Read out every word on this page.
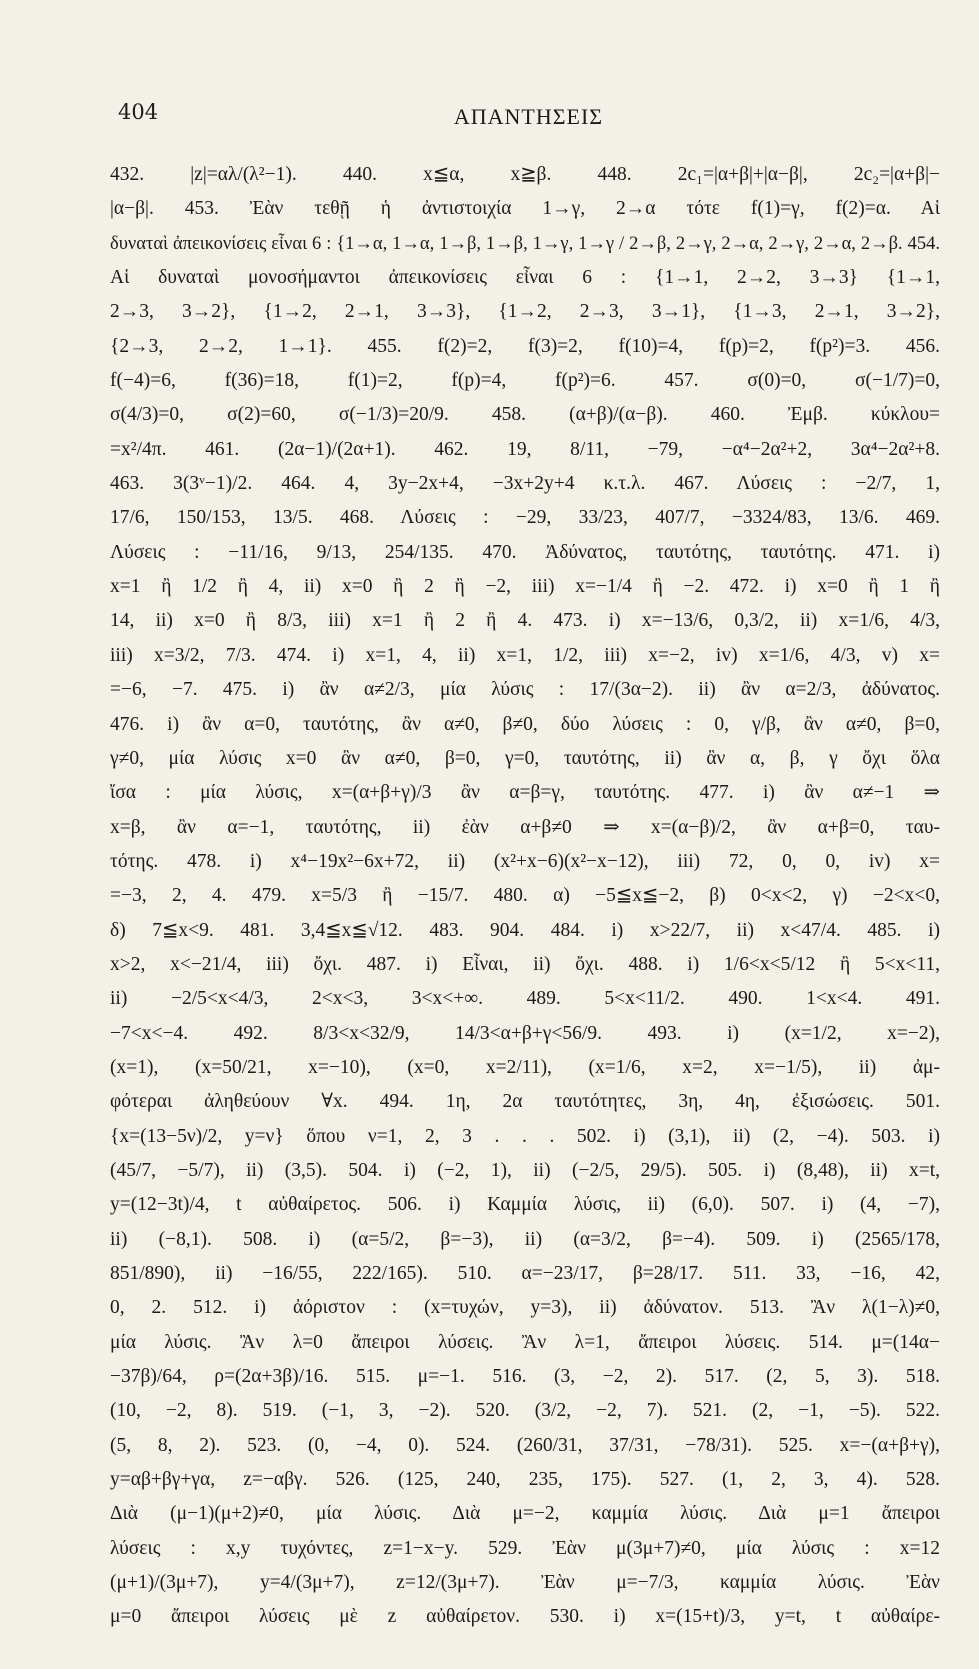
404	ΑΠΑΝΤΗΣΕΙΣ
432. |z|=αλ/(λ²−1). 440. x≦α, x≧β. 448. 2c₁=|α+β|+|α−β|, 2c₂=|α+β|−
|α−β|. 453. Ἐὰν τεθῇ ἡ ἀντιστοιχία 1→γ, 2→α τότε f(1)=γ, f(2)=α. Αἱ
δυναταὶ ἀπεικονίσεις εἶναι 6 : {1→α, 1→α, 1→β, 1→β, 1→γ, 1→γ / 2→β, 2→γ, 2→α, 2→γ, 2→α, 2→β. 454.
Αἱ δυναταὶ μονοσήμαντοι ἀπεικονίσεις εἶναι 6 : {1→1, 2→2, 3→3} {1→1,
2→3, 3→2}, {1→2, 2→1, 3→3}, {1→2, 2→3, 3→1}, {1→3, 2→1, 3→2},
{2→3, 2→2, 1→1}. 455. f(2)=2, f(3)=2, f(10)=4, f(p)=2, f(p²)=3. 456.
f(−4)=6, f(36)=18, f(1)=2, f(p)=4, f(p²)=6. 457. σ(0)=0, σ(−1/7)=0,
σ(4/3)=0, σ(2)=60, σ(−1/3)=20/9. 458. (α+β)/(α−β). 460. Ἐμβ. κύκλου=
=x²/4π. 461. (2α−1)/(2α+1). 462. 19, 8/11, −79, −α⁴−2α²+2, 3α⁴−2α²+8.
463. 3(3ᵛ−1)/2. 464. 4, 3y−2x+4, −3x+2y+4 κ.τ.λ. 467. Λύσεις : −2/7, 1,
17/6, 150/153, 13/5. 468. Λύσεις : −29, 33/23, 407/7, −3324/83, 13/6. 469.
Λύσεις : −11/16, 9/13, 254/135. 470. Ἀδύνατος, ταυτότης, ταυτότης. 471. i)
x=1 ἢ 1/2 ἢ 4, ii) x=0 ἢ 2 ἢ −2, iii) x=−1/4 ἢ −2. 472. i) x=0 ἢ 1 ἢ
14, ii) x=0 ἢ 8/3, iii) x=1 ἢ 2 ἢ 4. 473. i) x=−13/6, 0,3/2, ii) x=1/6, 4/3,
iii) x=3/2, 7/3. 474. i) x=1, 4, ii) x=1, 1/2, iii) x=−2, iv) x=1/6, 4/3, v) x=
=−6, −7. 475. i) ἂν α≠2/3, μία λύσις : 17/(3α−2). ii) ἂν α=2/3, ἀδύνατος.
476. i) ἂν α=0, ταυτότης, ἂν α≠0, β≠0, δύο λύσεις : 0, γ/β, ἂν α≠0, β=0,
γ≠0, μία λύσις x=0 ἂν α≠0, β=0, γ=0, ταυτότης, ii) ἂν α, β, γ ὄχι ὅλα
ἴσα : μία λύσις, x=(α+β+γ)/3 ἂν α=β=γ, ταυτότης. 477. i) ἂν α≠−1 ⇒
x=β, ἂν α=−1, ταυτότης, ii) ἐὰν α+β≠0 ⇒ x=(α−β)/2, ἂν α+β=0, ταυ-
τότης. 478. i) x⁴−19x²−6x+72, ii) (x²+x−6)(x²−x−12), iii) 72, 0, 0, iv) x=
=−3, 2, 4. 479. x=5/3 ἢ −15/7. 480. α) −5≦x≦−2, β) 0<x<2, γ) −2<x<0,
δ) 7≦x<9. 481. 3,4≦x≦√12. 483. 904. 484. i) x>22/7, ii) x<47/4. 485. i)
x>2, x<−21/4, iii) ὄχι. 487. i) Εἶναι, ii) ὄχι. 488. i) 1/6<x<5/12 ἢ 5<x<11,
ii) −2/5<x<4/3, 2<x<3, 3<x<+∞. 489. 5<x<11/2. 490. 1<x<4. 491.
−7<x<−4. 492. 8/3<x<32/9, 14/3<α+β+γ<56/9. 493. i) (x=1/2, x=−2),
(x=1), (x=50/21, x=−10), (x=0, x=2/11), (x=1/6, x=2, x=−1/5), ii) ἀμ-
φότεραι ἀληθεύουν ∀x. 494. 1η, 2α ταυτότητες, 3η, 4η, ἐξισώσεις. 501.
{x=(13−5ν)/2, y=ν} ὅπου ν=1, 2, 3 . . . 502. i) (3,1), ii) (2, −4). 503. i)
(45/7, −5/7), ii) (3,5). 504. i) (−2, 1), ii) (−2/5, 29/5). 505. i) (8,48), ii) x=t,
y=(12−3t)/4, t αὐθαίρετος. 506. i) Καμμία λύσις, ii) (6,0). 507. i) (4, −7),
ii) (−8,1). 508. i) (α=5/2, β=−3), ii) (α=3/2, β=−4). 509. i) (2565/178,
851/890), ii) −16/55, 222/165). 510. α=−23/17, β=28/17. 511. 33, −16, 42,
0, 2. 512. i) ἀόριστον : (x=τυχών, y=3), ii) ἀδύνατον. 513. Ἂν λ(1−λ)≠0,
μία λύσις. Ἂν λ=0 ἄπειροι λύσεις. Ἂν λ=1, ἄπειροι λύσεις. 514. μ=(14α−
−37β)/64, ρ=(2α+3β)/16. 515. μ=−1. 516. (3, −2, 2). 517. (2, 5, 3). 518.
(10, −2, 8). 519. (−1, 3, −2). 520. (3/2, −2, 7). 521. (2, −1, −5). 522.
(5, 8, 2). 523. (0, −4, 0). 524. (260/31, 37/31, −78/31). 525. x=−(α+β+γ),
y=αβ+βγ+γα, z=−αβγ. 526. (125, 240, 235, 175). 527. (1, 2, 3, 4). 528.
Διὰ (μ−1)(μ+2)≠0, μία λύσις. Διὰ μ=−2, καμμία λύσις. Διὰ μ=1 ἄπειροι
λύσεις : x,y τυχόντες, z=1−x−y. 529. Ἐὰν μ(3μ+7)≠0, μία λύσις : x=12
(μ+1)/(3μ+7), y=4/(3μ+7), z=12/(3μ+7). Ἐὰν μ=−7/3, καμμία λύσις. Ἐὰν
μ=0 ἄπειροι λύσεις μὲ z αὐθαίρετον. 530. i) x=(15+t)/3, y=t, t αὐθαίρε-
